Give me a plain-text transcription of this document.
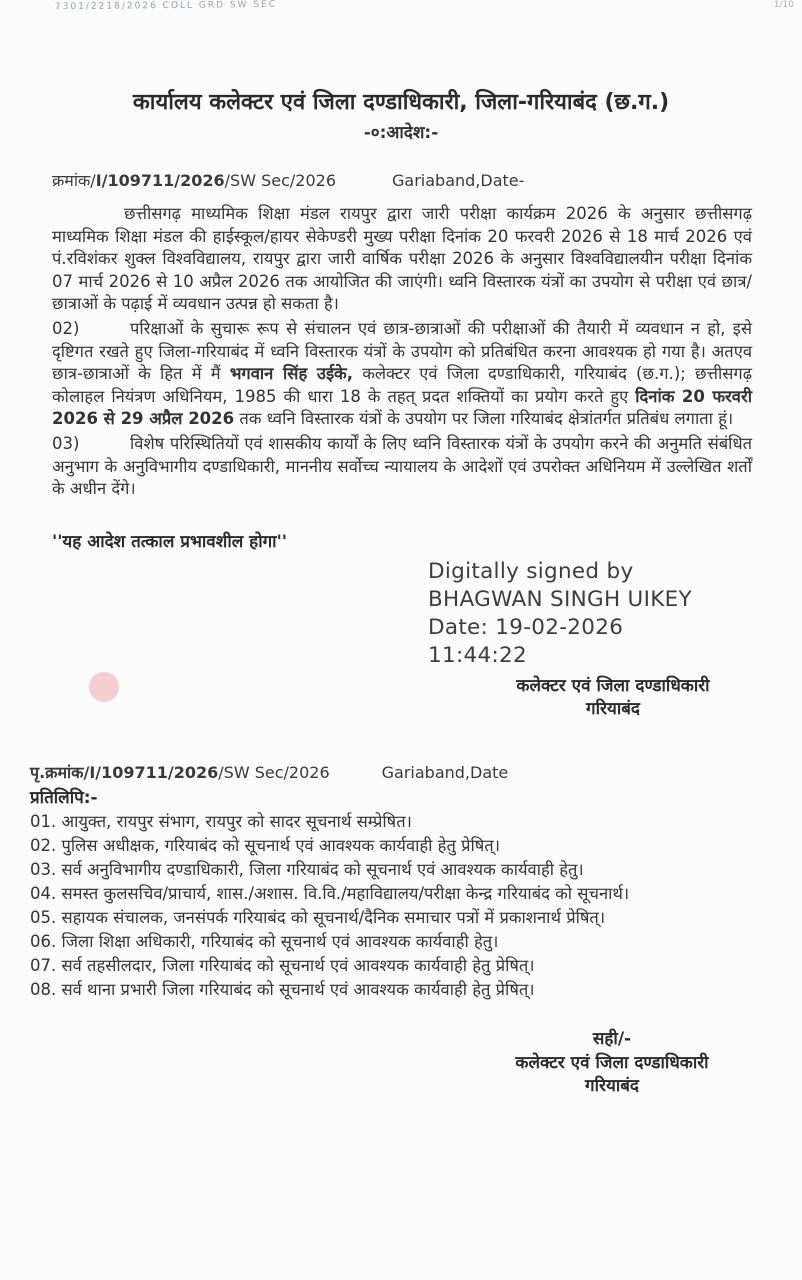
7301/2218/2026 COLL GRD SW SEC	1/10
कार्यालय कलेक्टर एवं जिला दण्डाधिकारी, जिला-गरियाबंद (छ.ग.)
-०:आदेश:-
क्रमांक/I/109711/2026/SW Sec/2026	Gariaband,Date-

छत्तीसगढ़ माध्यमिक शिक्षा मंडल रायपुर द्वारा जारी परीक्षा कार्यक्रम 2026 के अनुसार छत्तीसगढ़ माध्यमिक शिक्षा मंडल की हाईस्कूल/हायर सेकेण्डरी मुख्य परीक्षा दिनांक 20 फरवरी 2026 से 18 मार्च 2026 एवं पं.रविशंकर शुक्ल विश्वविद्यालय, रायपुर द्वारा जारी वार्षिक परीक्षा 2026 के अनुसार विश्वविद्यालयीन परीक्षा दिनांक 07 मार्च 2026 से 10 अप्रैल 2026 तक आयोजित की जाएंगी। ध्वनि विस्तारक यंत्रों का उपयोग से परीक्षा एवं छात्र/छात्राओं के पढ़ाई में व्यवधान उत्पन्न हो सकता है।

02)	परिक्षाओं के सुचारू रूप से संचालन एवं छात्र-छात्राओं की परीक्षाओं की तैयारी में व्यवधान न हो, इसे दृष्टिगत रखते हुए जिला-गरियाबंद में ध्वनि विस्तारक यंत्रों के उपयोग को प्रतिबंधित करना आवश्यक हो गया है। अतएव छात्र-छात्राओं के हित में मैं भगवान सिंह उईके, कलेक्टर एवं जिला दण्डाधिकारी, गरियाबंद (छ.ग.); छत्तीसगढ़ कोलाहल नियंत्रण अधिनियम, 1985 की धारा 18 के तहत् प्रदत शक्तियों का प्रयोग करते हुए दिनांक 20 फरवरी 2026 से 29 अप्रैल 2026 तक ध्वनि विस्तारक यंत्रों के उपयोग पर जिला गरियाबंद क्षेत्रांतर्गत प्रतिबंध लगाता हूं।

03)	विशेष परिस्थितियों एवं शासकीय कार्यों के लिए ध्वनि विस्तारक यंत्रों के उपयोग करने की अनुमति संबंधित अनुभाग के अनुविभागीय दण्डाधिकारी, माननीय सर्वोच्च न्यायालय के आदेशों एवं उपरोक्त अधिनियम में उल्लेखित शर्तों के अधीन देंगे।

''यह आदेश तत्काल प्रभावशील होगा''
Digitally signed by
BHAGWAN SINGH UIKEY
Date: 19-02-2026
11:44:22
कलेक्टर एवं जिला दण्डाधिकारी
गरियाबंद
पृ.क्रमांक/I/109711/2026/SW Sec/2026	Gariaband,Date
प्रतिलिपि:-
01. आयुक्त, रायपुर संभाग, रायपुर को सादर सूचनार्थ सम्प्रेषित।
02. पुलिस अधीक्षक, गरियाबंद को सूचनार्थ एवं आवश्यक कार्यवाही हेतु प्रेषित्।
03. सर्व अनुविभागीय दण्डाधिकारी, जिला गरियाबंद को सूचनार्थ एवं आवश्यक कार्यवाही हेतु।
04. समस्त कुलसचिव/प्राचार्य, शास./अशास. वि.वि./महाविद्यालय/परीक्षा केन्द्र गरियाबंद को सूचनार्थ।
05. सहायक संचालक, जनसंपर्क गरियाबंद को सूचनार्थ/दैनिक समाचार पत्रों में प्रकाशनार्थ प्रेषित्।
06. जिला शिक्षा अधिकारी, गरियाबंद को सूचनार्थ एवं आवश्यक कार्यवाही हेतु।
07. सर्व तहसीलदार, जिला गरियाबंद को सूचनार्थ एवं आवश्यक कार्यवाही हेतु प्रेषित्।
08. सर्व थाना प्रभारी जिला गरियाबंद को सूचनार्थ एवं आवश्यक कार्यवाही हेतु प्रेषित्।
सही/-
कलेक्टर एवं जिला दण्डाधिकारी
गरियाबंद
